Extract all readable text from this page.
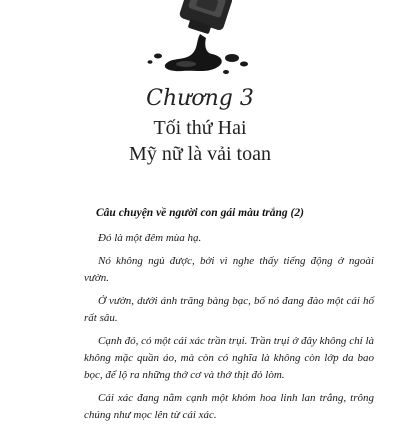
Chương 3
Tối thứ Hai
Mỹ nữ là vải toan
Câu chuyện về người con gái màu trắng (2)

Đó là một đêm mùa hạ.

Nó không ngủ được, bởi vì nghe thấy tiếng động ở ngoài vườn.

Ở vườn, dưới ánh trăng bàng bạc, bố nó đang đào một cái hố rất sâu.

Cạnh đó, có một cái xác trần trụi. Trần trụi ở đây không chỉ là không mặc quần áo, mà còn có nghĩa là không còn lớp da bao bọc, để lộ ra những thớ cơ và thớ thịt đỏ lòm.

Cái xác đang nằm cạnh một khóm hoa linh lan trắng, trông chúng như mọc lên từ cái xác.
